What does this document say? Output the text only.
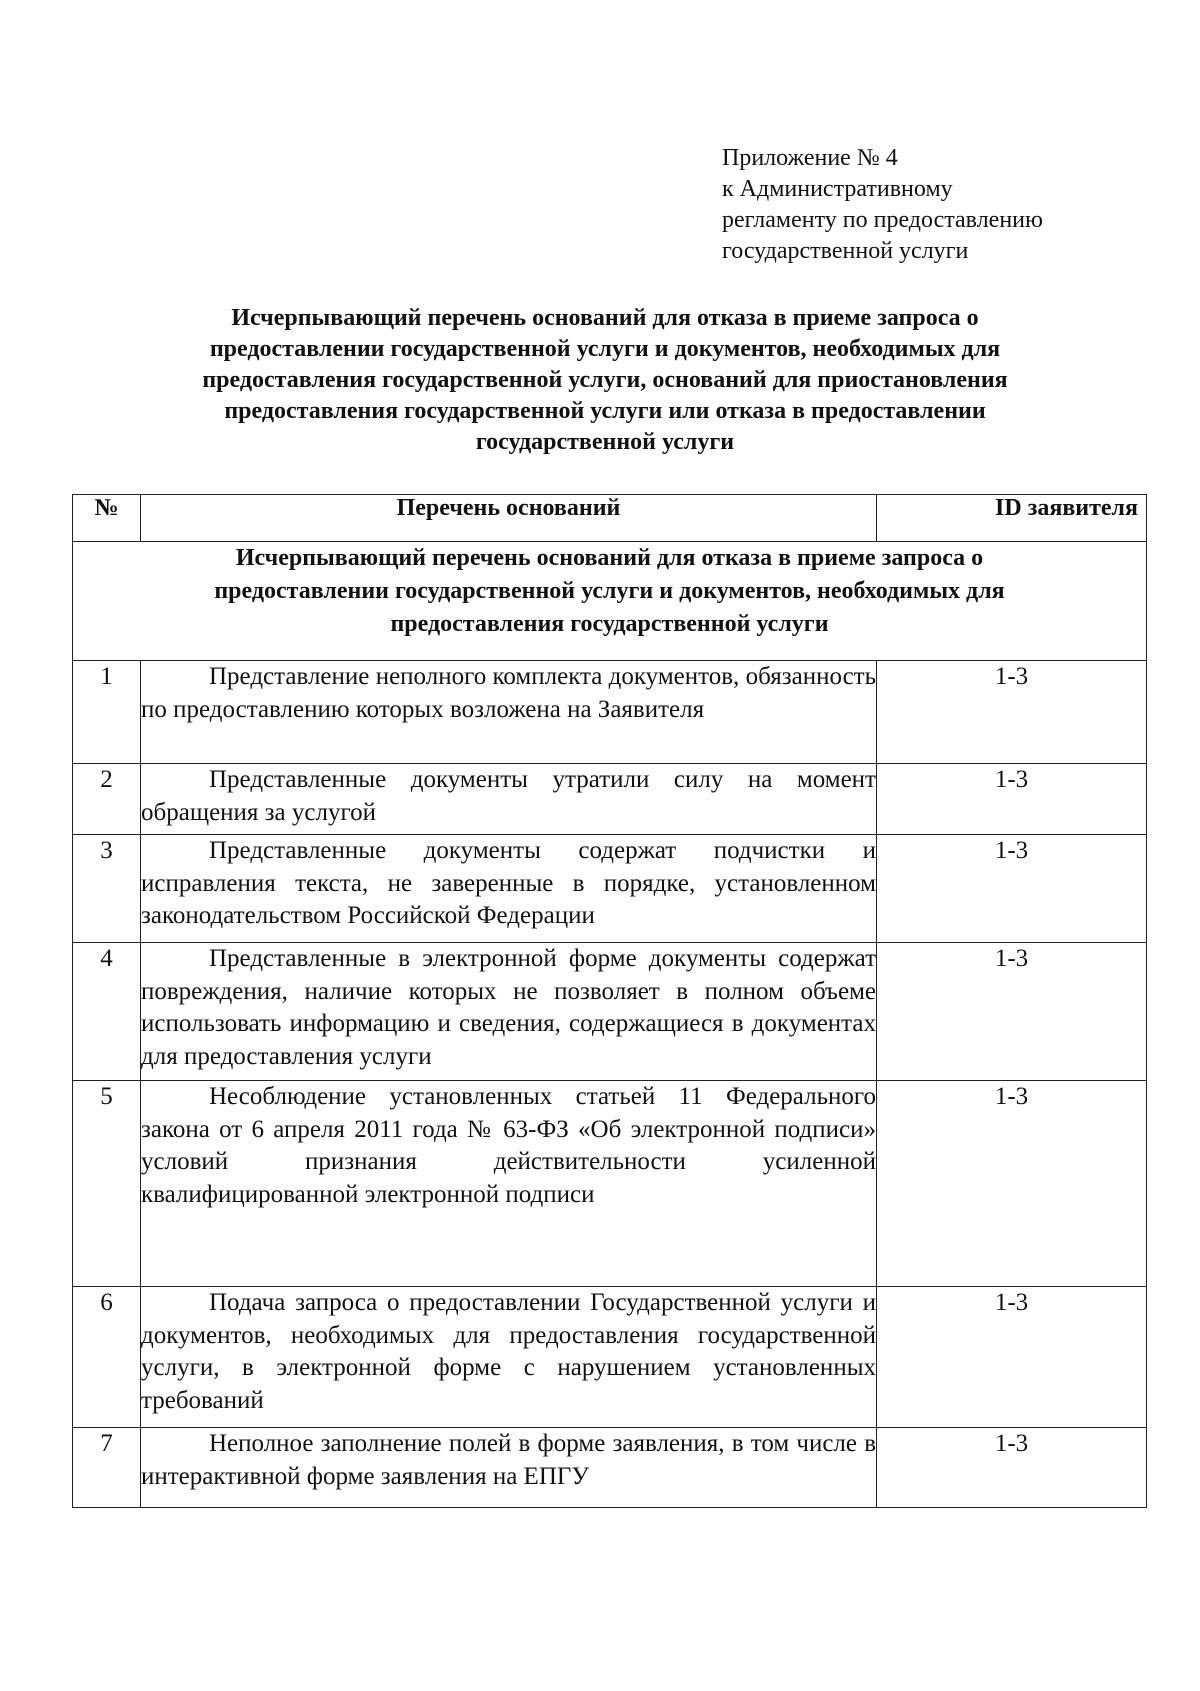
Приложение № 4
к Административному
регламенту по предоставлению
государственной услуги
Исчерпывающий перечень оснований для отказа в приеме запроса о
предоставлении государственной услуги и документов, необходимых для
предоставления государственной услуги, оснований для приостановления
предоставления государственной услуги или отказа в предоставлении
государственной услуги
№	Перечень оснований	ID заявителя

Исчерпывающий перечень оснований для отказа в приеме запроса о
предоставлении государственной услуги и документов, необходимых для
предоставления государственной услуги		

1	Представление неполного комплекта документов, обязанность по предоставлению которых возложена на Заявителя	1-3
2	Представленные документы утратили силу на момент обращения за услугой	1-3
3	Представленные документы содержат подчистки и исправления текста, не заверенные в порядке, установленном законодательством Российской Федерации	1-3
4	Представленные в электронной форме документы содержат повреждения, наличие которых не позволяет в полном объеме использовать информацию и сведения, содержащиеся в документах для предоставления услуги	1-3
5	Несоблюдение установленных статьей 11 Федерального закона от 6 апреля 2011 года № 63-ФЗ «Об электронной подписи» условий признания действительности усиленной квалифицированной электронной подписи	1-3
6	Подача запроса о предоставлении Государственной услуги и документов, необходимых для предоставления государственной услуги, в электронной форме с нарушением установленных требований	1-3
7	Неполное заполнение полей в форме заявления, в том числе в интерактивной форме заявления на ЕПГУ	1-3
